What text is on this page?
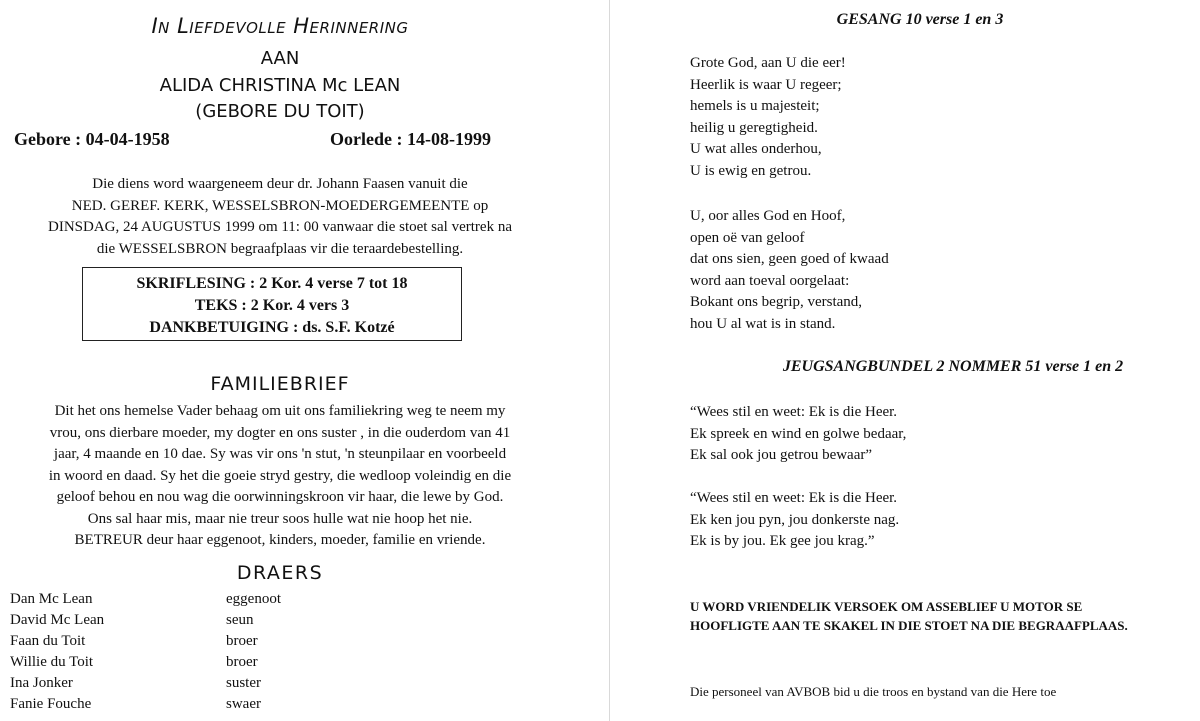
In Liefdevolle Herinnering
AAN
ALIDA CHRISTINA Mc LEAN
(GEBORE DU TOIT)
Gebore : 04-04-1958	Oorlede : 14-08-1999
Die diens word waargeneem deur dr. Johann Faasen vanuit die
NED. GEREF. KERK, WESSELSBRON-MOEDERGEMEENTE op
DINSDAG, 24 AUGUSTUS 1999 om 11: 00 vanwaar die stoet sal vertrek na
die WESSELSBRON begraafplaas vir die teraardebestelling.
SKRIFLESING : 2 Kor. 4 verse 7 tot 18
TEKS : 2 Kor. 4 vers 3
DANKBETUIGING : ds. S.F. Kotzé
FAMILIEBRIEF
Dit het ons hemelse Vader behaag om uit ons familiekring weg te neem my
vrou, ons dierbare moeder, my dogter en ons suster , in die ouderdom van 41
jaar, 4 maande en 10 dae. Sy was vir ons 'n stut, 'n steunpilaar en voorbeeld
in woord en daad. Sy het die goeie stryd gestry, die wedloop voleindig en die
geloof behou en nou wag die oorwinningskroon vir haar, die lewe by God.
Ons sal haar mis, maar nie treur soos hulle wat nie hoop het nie.
BETREUR deur haar eggenoot, kinders, moeder, familie en vriende.
DRAERS
Dan Mc Lean	eggenoot
David Mc Lean	seun
Faan du Toit	broer
Willie du Toit	broer
Ina Jonker	suster
Fanie Fouche	swaer
GESANG 10 verse 1 en 3
Grote God, aan U die eer!
Heerlik is waar U regeer;
hemels is u majesteit;
heilig u geregtigheid.
U wat alles onderhou,
U is ewig en getrou.
U, oor alles God en Hoof,
open oë van geloof
dat ons sien, geen goed of kwaad
word aan toeval oorgelaat:
Bokant ons begrip, verstand,
hou U al wat is in stand.
JEUGSANGBUNDEL 2 NOMMER 51 verse 1 en 2
“Wees stil en weet: Ek is die Heer.
Ek spreek en wind en golwe bedaar,
Ek sal ook jou getrou bewaar”
“Wees stil en weet: Ek is die Heer.
Ek ken jou pyn, jou donkerste nag.
Ek is by jou. Ek gee jou krag.”
U WORD VRIENDELIK VERSOEK OM ASSEBLIEF U MOTOR SE
HOOFLIGTE AAN TE SKAKEL IN DIE STOET NA DIE BEGRAAFPLAAS.
Die personeel van AVBOB bid u die troos en bystand van die Here toe
